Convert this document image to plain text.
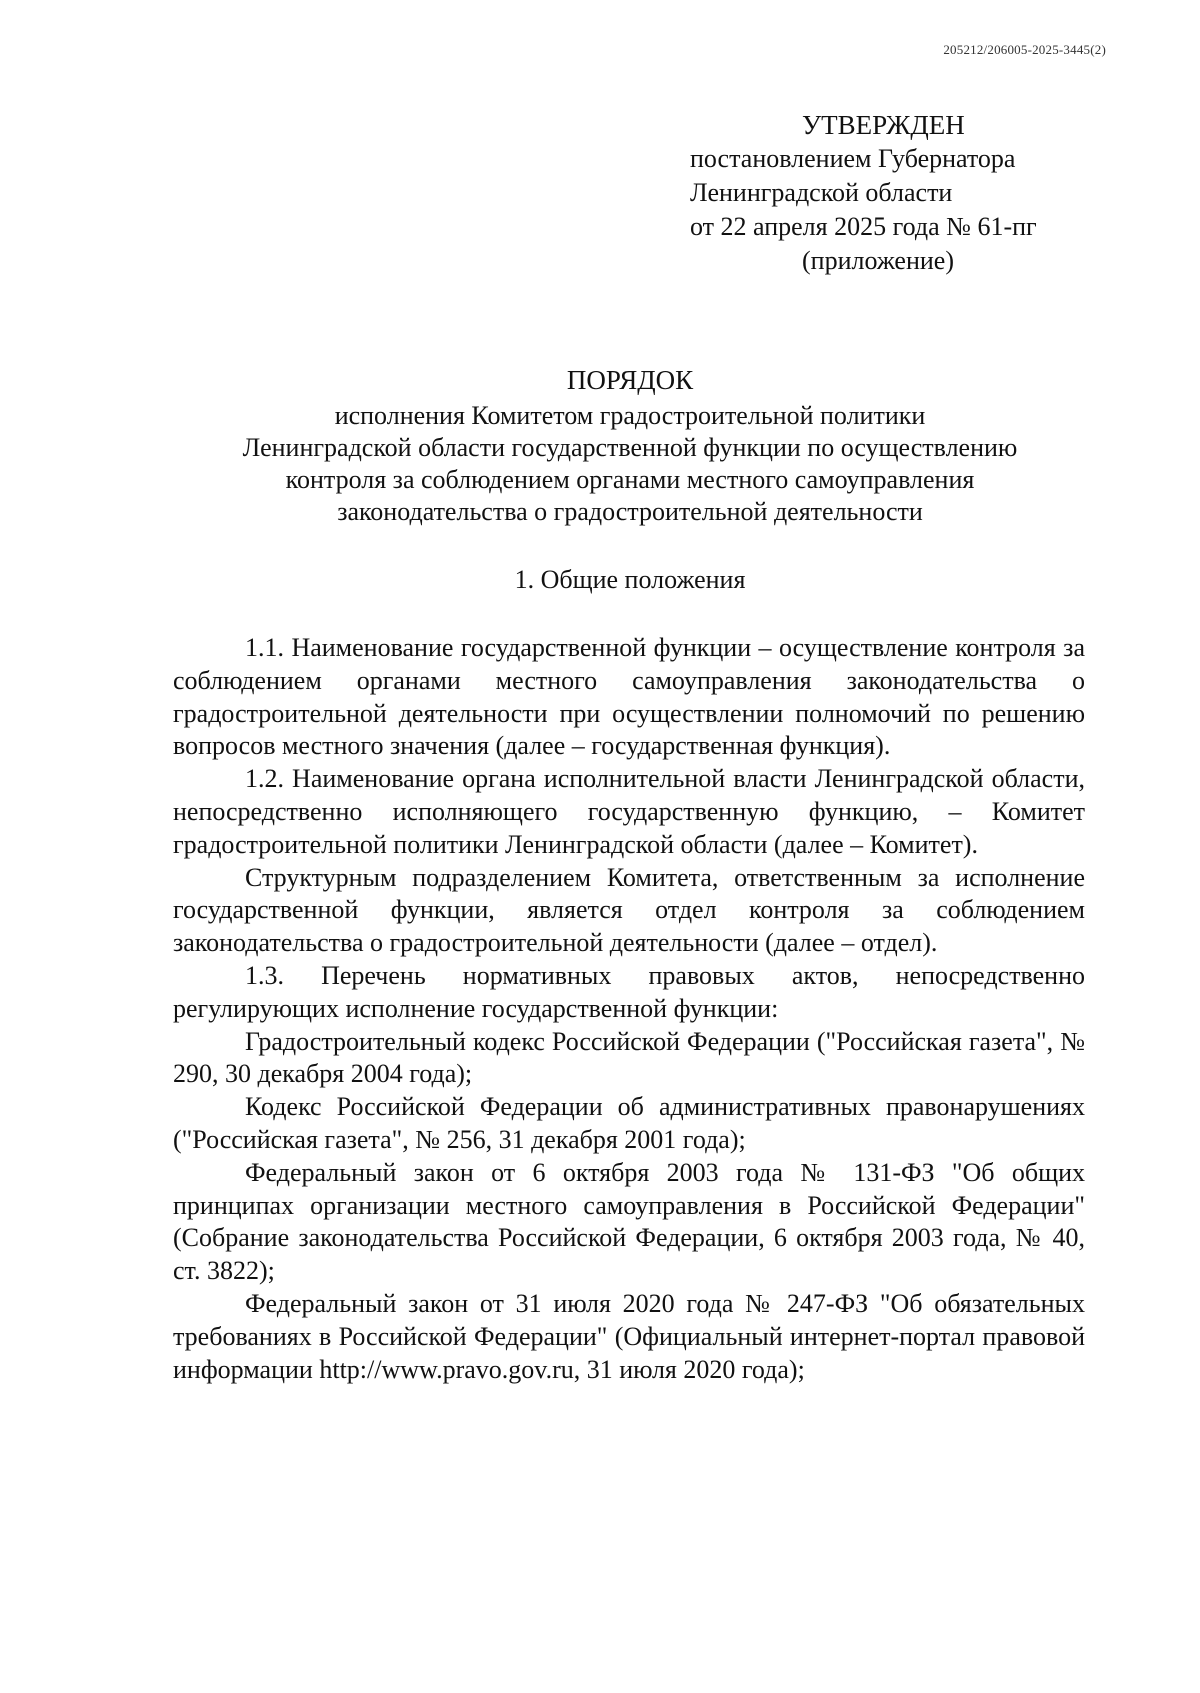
205212/206005-2025-3445(2)
УТВЕРЖДЕН
постановлением Губернатора
Ленинградской области
от 22 апреля 2025 года № 61-пг
(приложение)
ПОРЯДОК
исполнения Комитетом градостроительной политики
Ленинградской области государственной функции по осуществлению
контроля за соблюдением органами местного самоуправления
законодательства о градостроительной деятельности
1. Общие положения

1.1. Наименование государственной функции – осуществление контроля за соблюдением органами местного самоуправления законодательства о градостроительной деятельности при осуществлении полномочий по решению вопросов местного значения (далее – государственная функция).

1.2. Наименование органа исполнительной власти Ленинградской области, непосредственно исполняющего государственную функцию, – Комитет градостроительной политики Ленинградской области (далее – Комитет).

Структурным подразделением Комитета, ответственным за исполнение государственной функции, является отдел контроля за соблюдением законодательства о градостроительной деятельности (далее – отдел).

1.3. Перечень нормативных правовых актов, непосредственно регулирующих исполнение государственной функции:

Градостроительный кодекс Российской Федерации ("Российская газета", № 290, 30 декабря 2004 года);

Кодекс Российской Федерации об административных правонарушениях ("Российская газета", № 256, 31 декабря 2001 года);

Федеральный закон от 6 октября 2003 года № 131-ФЗ "Об общих принципах организации местного самоуправления в Российской Федерации" (Собрание законодательства Российской Федерации, 6 октября 2003 года, № 40, ст. 3822);

Федеральный закон от 31 июля 2020 года № 247-ФЗ "Об обязательных требованиях в Российской Федерации" (Официальный интернет-портал правовой информации http://www.pravo.gov.ru, 31 июля 2020 года);
